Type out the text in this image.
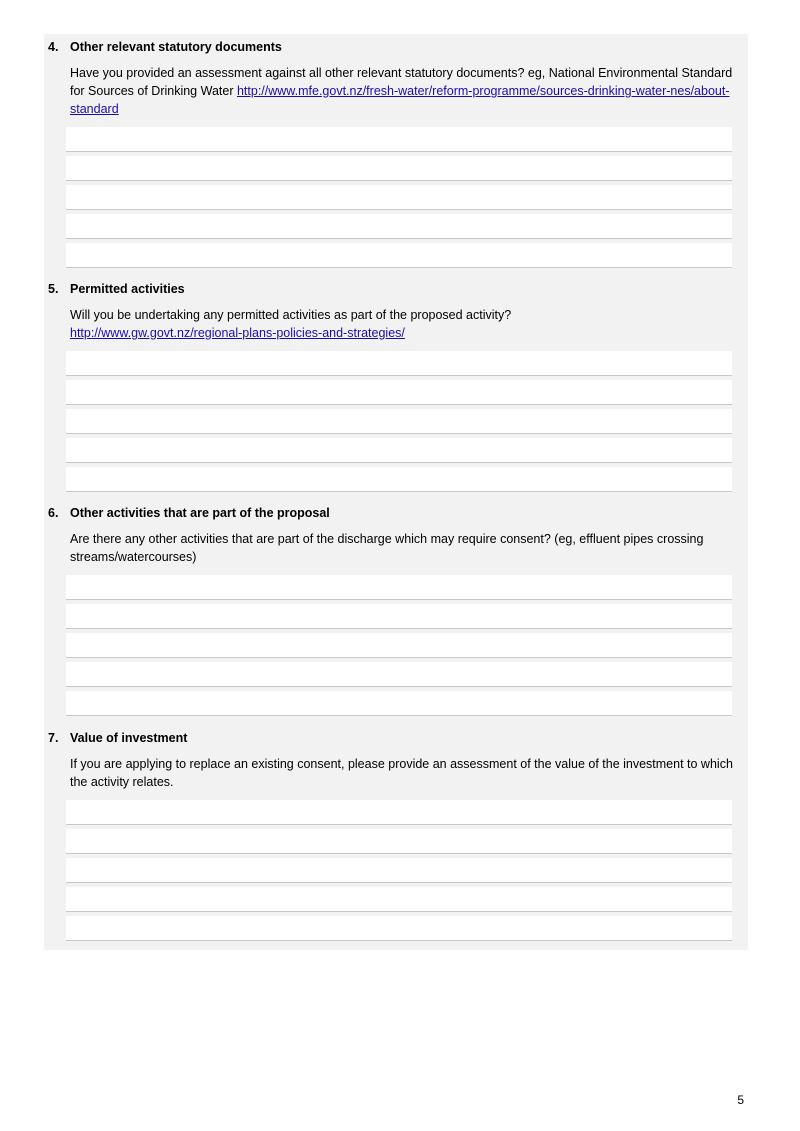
4. Other relevant statutory documents
Have you provided an assessment against all other relevant statutory documents? eg, National Environmental Standard for Sources of Drinking Water http://www.mfe.govt.nz/fresh-water/reform-programme/sources-drinking-water-nes/about-standard
5. Permitted activities
Will you be undertaking any permitted activities as part of the proposed activity?
http://www.gw.govt.nz/regional-plans-policies-and-strategies/
6. Other activities that are part of the proposal
Are there any other activities that are part of the discharge which may require consent? (eg, effluent pipes crossing streams/watercourses)
7. Value of investment
If you are applying to replace an existing consent, please provide an assessment of the value of the investment to which the activity relates.
5
